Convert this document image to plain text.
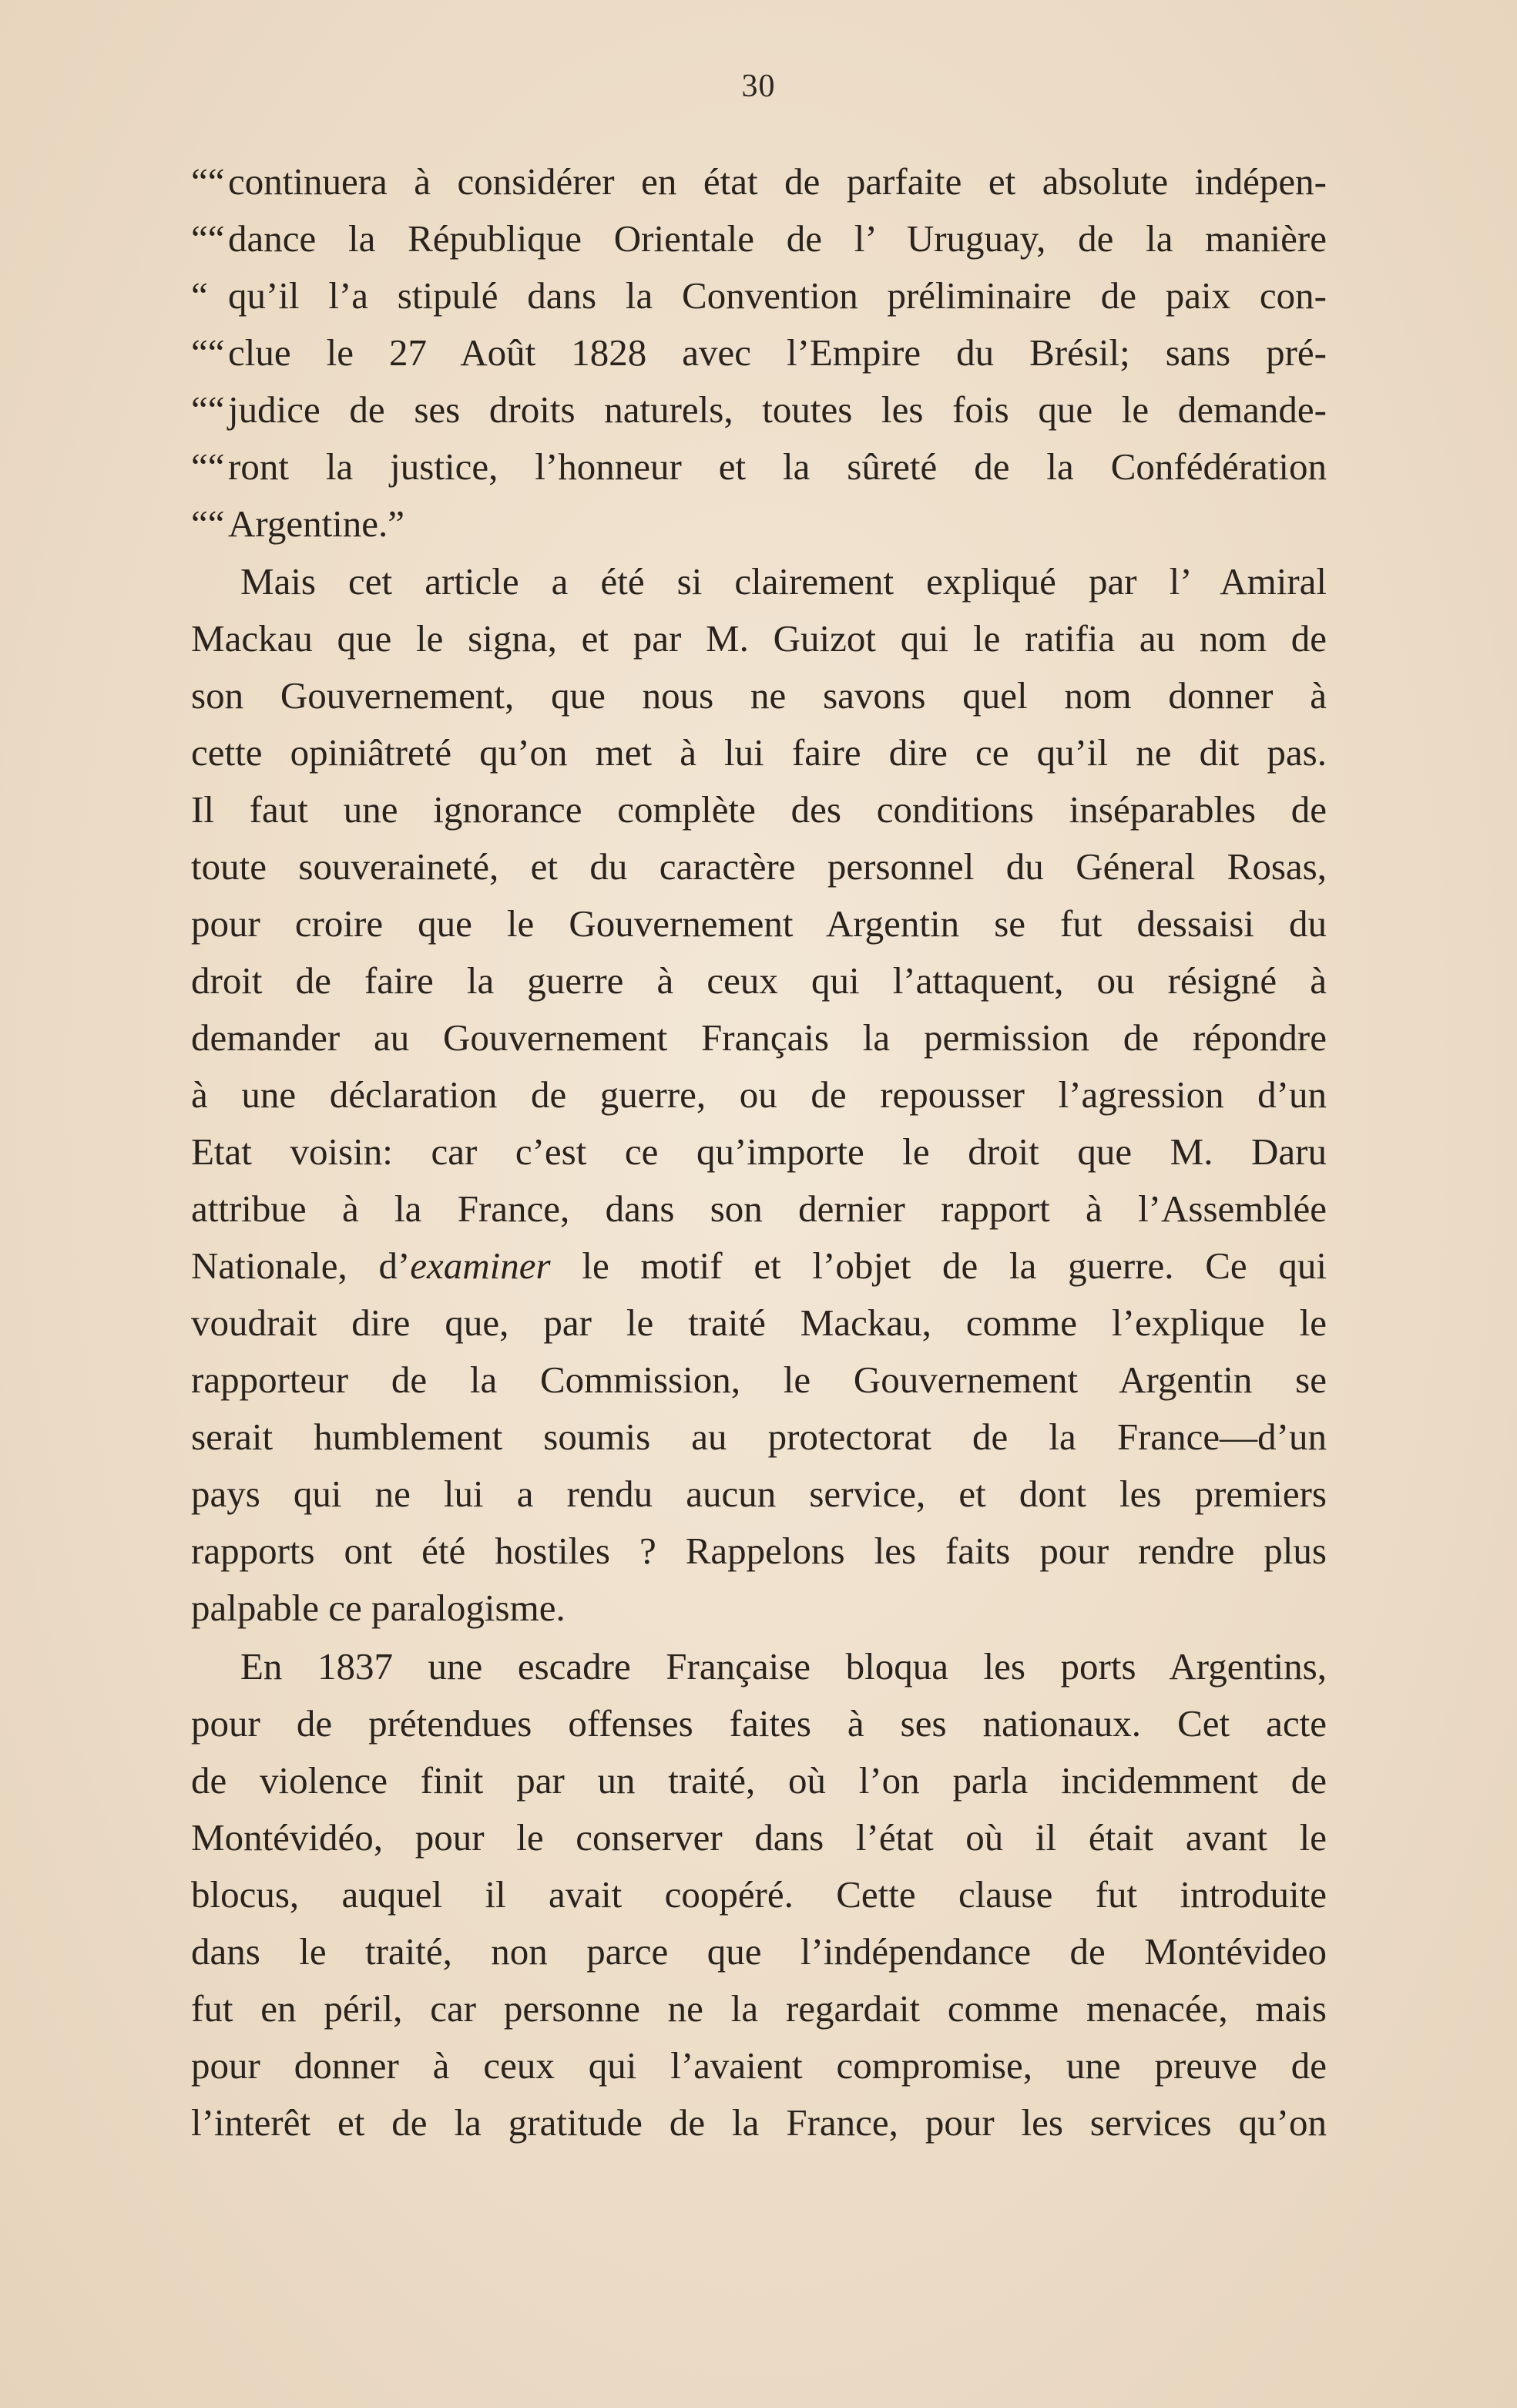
30
““continuera à considérer en état de parfaite et absolute indépen-
““dance la République Orientale de l’ Uruguay, de la manière
“ qu’il l’a stipulé dans la Convention préliminaire de paix con-
““clue le 27 Août 1828 avec l’Empire du Brésil; sans pré-
““judice de ses droits naturels, toutes les fois que le demande-
““ront la justice, l’honneur et la sûreté de la Confédération
““Argentine.”
Mais cet article a été si clairement expliqué par l’ Amiral
Mackau que le signa, et par M. Guizot qui le ratifia au nom de
son Gouvernement, que nous ne savons quel nom donner à
cette opiniâtreté qu’on met à lui faire dire ce qu’il ne dit pas.
Il faut une ignorance complète des conditions inséparables de
toute souveraineté, et du caractère personnel du Géneral Rosas,
pour croire que le Gouvernement Argentin se fut dessaisi du
droit de faire la guerre à ceux qui l’attaquent, ou résigné à
demander au Gouvernement Français la permission de répondre
à une déclaration de guerre, ou de repousser l’agression d’un
Etat voisin: car c’est ce qu’importe le droit que M. Daru
attribue à la France, dans son dernier rapport à l’Assemblée
Nationale, d’examiner le motif et l’objet de la guerre. Ce qui
voudrait dire que, par le traité Mackau, comme l’explique le
rapporteur de la Commission, le Gouvernement Argentin se
serait humblement soumis au protectorat de la France—d’un
pays qui ne lui a rendu aucun service, et dont les premiers
rapports ont été hostiles ? Rappelons les faits pour rendre plus
palpable ce paralogisme.
En 1837 une escadre Française bloqua les ports Argentins,
pour de prétendues offenses faites à ses nationaux. Cet acte
de violence finit par un traité, où l’on parla incidemment de
Montévidéo, pour le conserver dans l’état où il était avant le
blocus, auquel il avait coopéré. Cette clause fut introduite
dans le traité, non parce que l’indépendance de Montévideo
fut en péril, car personne ne la regardait comme menacée, mais
pour donner à ceux qui l’avaient compromise, une preuve de
l’interêt et de la gratitude de la France, pour les services qu’on
